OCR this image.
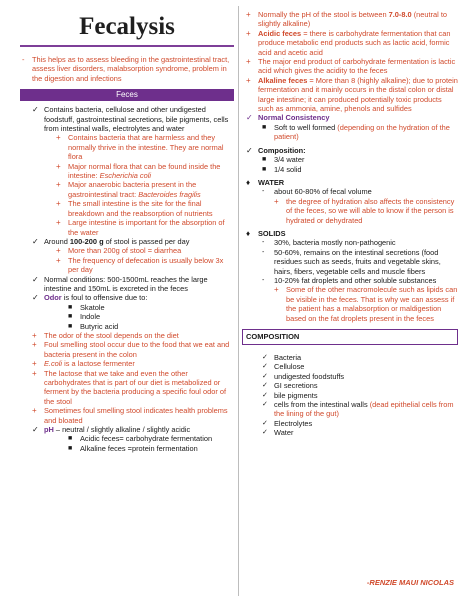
Fecalysis
- This helps as to assess bleeding in the gastrointestinal tract, assess liver disorders, malabsorption syndrome, problem in the digestion and infections
Feces
✓ Contains bacteria, cellulose and other undigested foodstuff, gastrointestinal secretions, bile pigments, cells from intestinal walls, electrolytes and water
+ Contains bacteria that are harmless and they normally thrive in the intestine. They are normal flora
+ Major normal flora that can be found inside the intestine: Escherichia coli
+ Major anaerobic bacteria present in the gastrointestinal tract: Bacteroides fragilis
+ The small intestine is the site for the final breakdown and the reabsorption of nutrients
+ Large intestine is important for the absorption of the water
✓ Around 100-200 g of stool is passed per day
+ More than 200g of stool = diarrhea
+ The frequency of defecation is usually below 3x per day
✓ Normal conditions: 500-1500mL reaches the large intestine and 150mL is excreted in the feces
✓ Odor is foul to offensive due to:
■ Skatole
■ Indole
■ Butyric acid
+ The odor of the stool depends on the diet
+ Foul smelling stool occur due to the food that we eat and bacteria present in the colon
+ E.coli is a lactose fermenter
+ The lactose that we take and even the other carbohydrates that is part of our diet is metabolized or ferment by the bacteria producing a specific foul odor of the stool
+ Sometimes foul smelling stool indicates health problems and bloated
✓ pH – neutral / slightly alkaline / slightly acidic
■ Acidic feces= carbohydrate fermentation
■ Alkaline feces =protein fermentation
+ Normally the pH of the stool is between 7.0-8.0 (neutral to slightly alkaline)
+ Acidic feces = there is carbohydrate fermentation that can produce metabolic end products such as lactic acid, formic acid and acetic acid
+ The major end product of carbohydrate fermentation is lactic acid which gives the acidity to the feces
+ Alkaline feces = More than 8 (highly alkaline); due to protein fermentation and it mainly occurs in the distal colon or distal large intestine; it can produced potentially toxic products such as ammonia, amine, phenols and sulfides
✓ Normal Consistency
■ Soft to well formed (depending on the hydration of the patient)
✓ Composition:
■ 3/4 water
■ 1/4 solid
♦ WATER
- about 60-80% of fecal volume
+ the degree of hydration also affects the consistency of the feces, so we will able to know if the person is hydrated or dehydrated
♦ SOLIDS
- 30%, bacteria mostly non-pathogenic
- 50-60%, remains on the intestinal secretions (food residues such as seeds, fruits and vegetable skins, hairs, fibers, vegetable cells and muscle fibers
- 10-20% fat droplets and other soluble substances
+ Some of the other macromolecule such as lipids can be visible in the feces. That is why we can assess if the patient has a malabsorption or maldigestion based on the fat droplets present in the feces
COMPOSITION
✓ Bacteria
✓ Cellulose
✓ undigested foodstuffs
✓ GI secretions
✓ bile pigments
✓ cells from the intestinal walls (dead epithelial cells from the lining of the gut)
✓ Electrolytes
✓ Water
-RENZIE MAUI NICOLAS
